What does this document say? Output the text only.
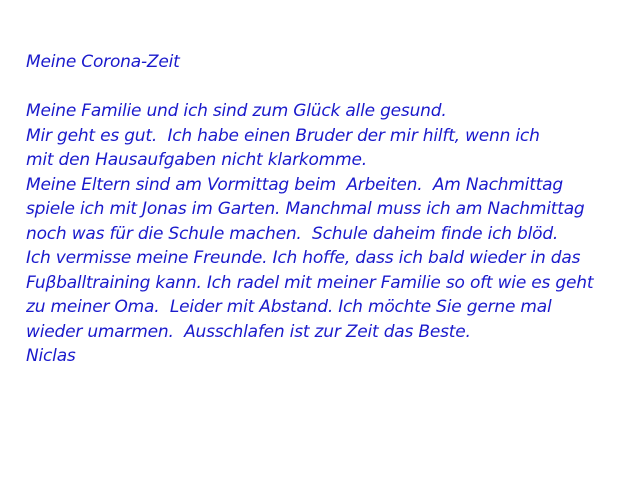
Meine Corona-Zeit
Meine Familie und ich sind zum Glück alle gesund.
Mir geht es gut.  Ich habe einen Bruder der mir hilft, wenn ich
mit den Hausaufgaben nicht klarkomme.
Meine Eltern sind am Vormittag beim  Arbeiten.  Am Nachmittag
spiele ich mit Jonas im Garten. Manchmal muss ich am Nachmittag
noch was für die Schule machen.  Schule daheim finde ich blöd.
Ich vermisse meine Freunde. Ich hoffe, dass ich bald wieder in das
Fuβballtraining kann. Ich radel mit meiner Familie so oft wie es geht
zu meiner Oma.  Leider mit Abstand. Ich möchte Sie gerne mal
wieder umarmen.  Ausschlafen ist zur Zeit das Beste.
Niclas
